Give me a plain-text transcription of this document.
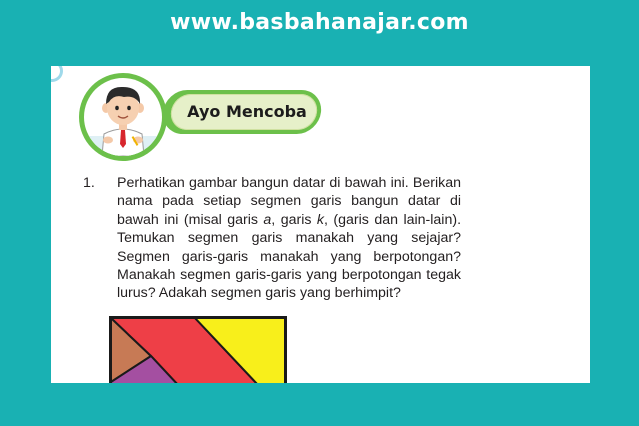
www.basbahanajar.com
Ayo Mencoba
1. Perhatikan gambar bangun datar di bawah ini. Berikan nama pada setiap segmen garis bangun datar di bawah ini (misal garis a, garis k, (garis dan lain-lain). Temukan segmen garis manakah yang sejajar? Segmen garis-garis manakah yang berpotongan? Manakah segmen garis-garis yang berpotongan tegak lurus? Adakah segmen garis yang berhimpit?
